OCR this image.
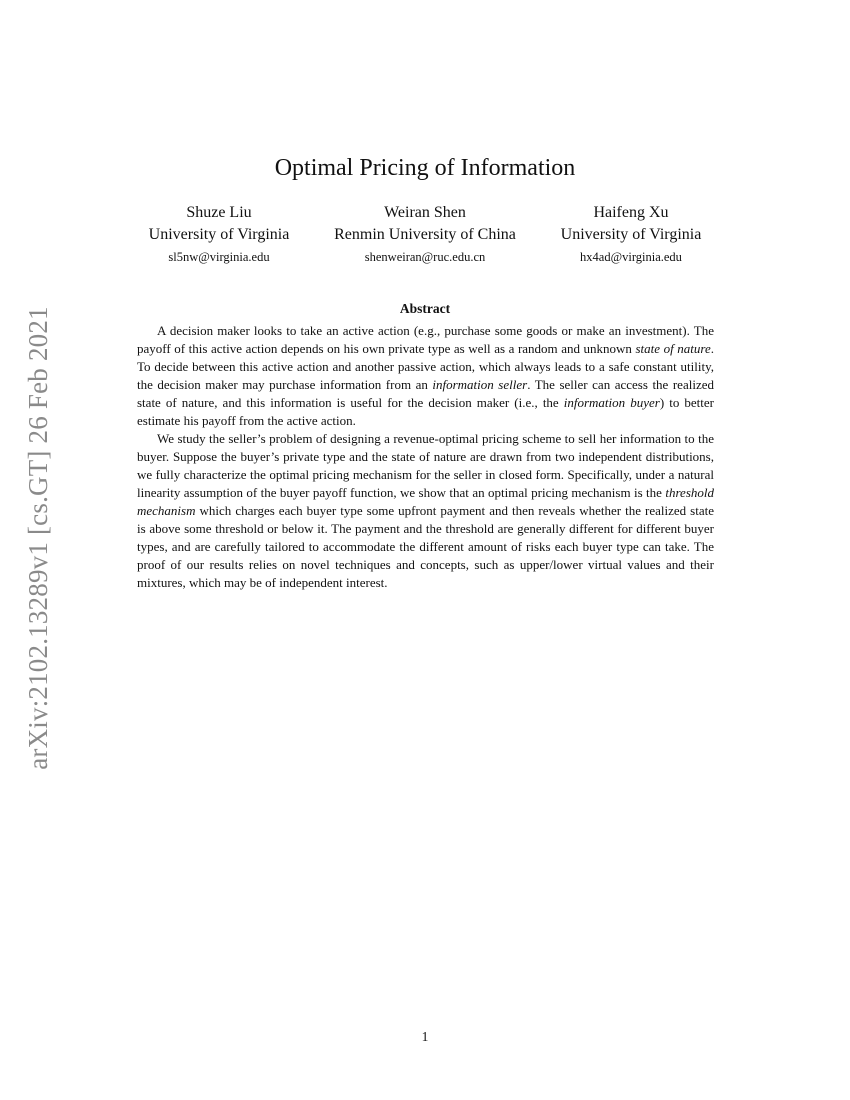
arXiv:2102.13289v1 [cs.GT] 26 Feb 2021
Optimal Pricing of Information
Shuze Liu
University of Virginia
sl5nw@virginia.edu
Weiran Shen
Renmin University of China
shenweiran@ruc.edu.cn
Haifeng Xu
University of Virginia
hx4ad@virginia.edu
Abstract

A decision maker looks to take an active action (e.g., purchase some goods or make an investment). The payoff of this active action depends on his own private type as well as a random and unknown state of nature. To decide between this active action and another passive action, which always leads to a safe constant utility, the decision maker may purchase information from an information seller. The seller can access the realized state of nature, and this information is useful for the decision maker (i.e., the information buyer) to better estimate his payoff from the active action.

We study the seller’s problem of designing a revenue-optimal pricing scheme to sell her information to the buyer. Suppose the buyer’s private type and the state of nature are drawn from two independent distributions, we fully characterize the optimal pricing mechanism for the seller in closed form. Specifically, under a natural linearity assumption of the buyer payoff function, we show that an optimal pricing mechanism is the threshold mechanism which charges each buyer type some upfront payment and then reveals whether the realized state is above some threshold or below it. The payment and the threshold are generally different for different buyer types, and are carefully tailored to accommodate the different amount of risks each buyer type can take. The proof of our results relies on novel techniques and concepts, such as upper/lower virtual values and their mixtures, which may be of independent interest.

1
